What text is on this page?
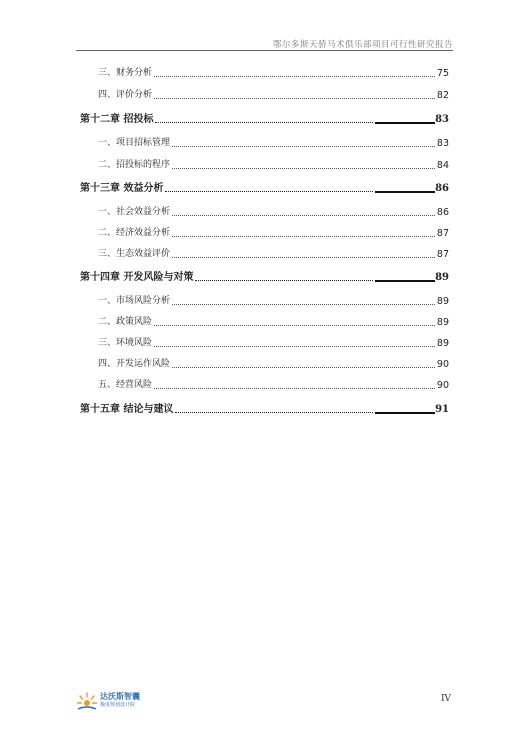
鄂尔多斯天骄马术俱乐部项目可行性研究报告
三、财务分析	75
四、评价分析	82
第十二章 招投标	83
一、项目招标管理	83
二、招投标的程序	84
第十三章 效益分析	86
一、社会效益分析	86
二、经济效益分析	87
三、生态效益评价	87
第十四章 开发风险与对策	89
一、市场风险分析	89
二、政策风险	89
三、环境风险	89
四、开发运作风险	90
五、经营风险	90
第十五章 结论与建议	91
达沃斯智囊
极度规划设计院
IV
